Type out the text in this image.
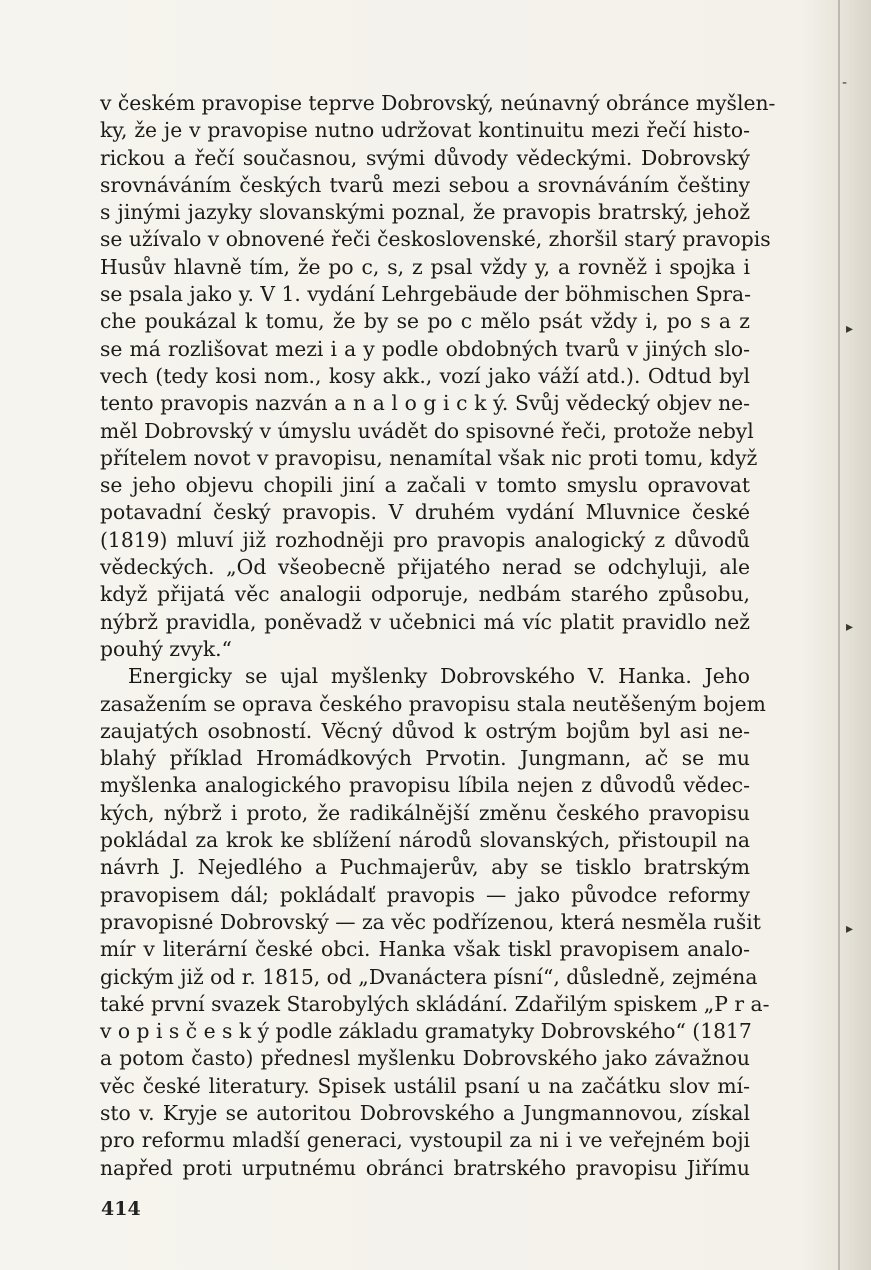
-
▸
▸
▸
v českém pravopise teprve Dobrovský, neúnavný obránce myšlen-
ky, že je v pravopise nutno udržovat kontinuitu mezi řečí histo-
rickou a řečí současnou, svými důvody vědeckými. Dobrovský
srovnáváním českých tvarů mezi sebou a srovnáváním češtiny
s jinými jazyky slovanskými poznal, že pravopis bratrský, jehož
se užívalo v obnovené řeči československé, zhoršil starý pravopis
Husův hlavně tím, že po c, s, z psal vždy y, a rovněž i spojka i
se psala jako y. V 1. vydání Lehrgebäude der böhmischen Spra-
che poukázal k tomu, že by se po c mělo psát vždy i, po s a z
se má rozlišovat mezi i a y podle obdobných tvarů v jiných slo-
vech (tedy kosi nom., kosy akk., vozí jako váží atd.). Odtud byl
tento pravopis nazván a n a l o g i c k ý. Svůj vědecký objev ne-
měl Dobrovský v úmyslu uvádět do spisovné řeči, protože nebyl
přítelem novot v pravopisu, nenamítal však nic proti tomu, když
se jeho objevu chopili jiní a začali v tomto smyslu opravovat
potavadní český pravopis. V druhém vydání Mluvnice české
(1819) mluví již rozhodněji pro pravopis analogický z důvodů
vědeckých. „Od všeobecně přijatého nerad se odchyluji, ale
když přijatá věc analogii odporuje, nedbám starého způsobu,
nýbrž pravidla, poněvadž v učebnici má víc platit pravidlo než
pouhý zvyk.“
Energicky se ujal myšlenky Dobrovského V. Hanka. Jeho
zasažením se oprava českého pravopisu stala neutěšeným bojem
zaujatých osobností. Věcný důvod k ostrým bojům byl asi ne-
blahý příklad Hromádkových Prvotin. Jungmann, ač se mu
myšlenka analogického pravopisu líbila nejen z důvodů vědec-
kých, nýbrž i proto, že radikálnější změnu českého pravopisu
pokládal za krok ke sblížení národů slovanských, přistoupil na
návrh J. Nejedlého a Puchmajerův, aby se tisklo bratrským
pravopisem dál; pokládalť pravopis — jako původce reformy
pravopisné Dobrovský — za věc podřízenou, která nesměla rušit
mír v literární české obci. Hanka však tiskl pravopisem analo-
gickým již od r. 1815, od „Dvanáctera písní“, důsledně, zejména
také první svazek Starobylých skládání. Zdařilým spiskem „P r a-
v o p i s č e s k ý podle základu gramatyky Dobrovského“ (1817
a potom často) přednesl myšlenku Dobrovského jako závažnou
věc české literatury. Spisek ustálil psaní u na začátku slov mí-
sto v. Kryje se autoritou Dobrovského a Jungmannovou, získal
pro reformu mladší generaci, vystoupil za ni i ve veřejném boji
napřed proti urputnému obránci bratrského pravopisu Jiřímu
414
